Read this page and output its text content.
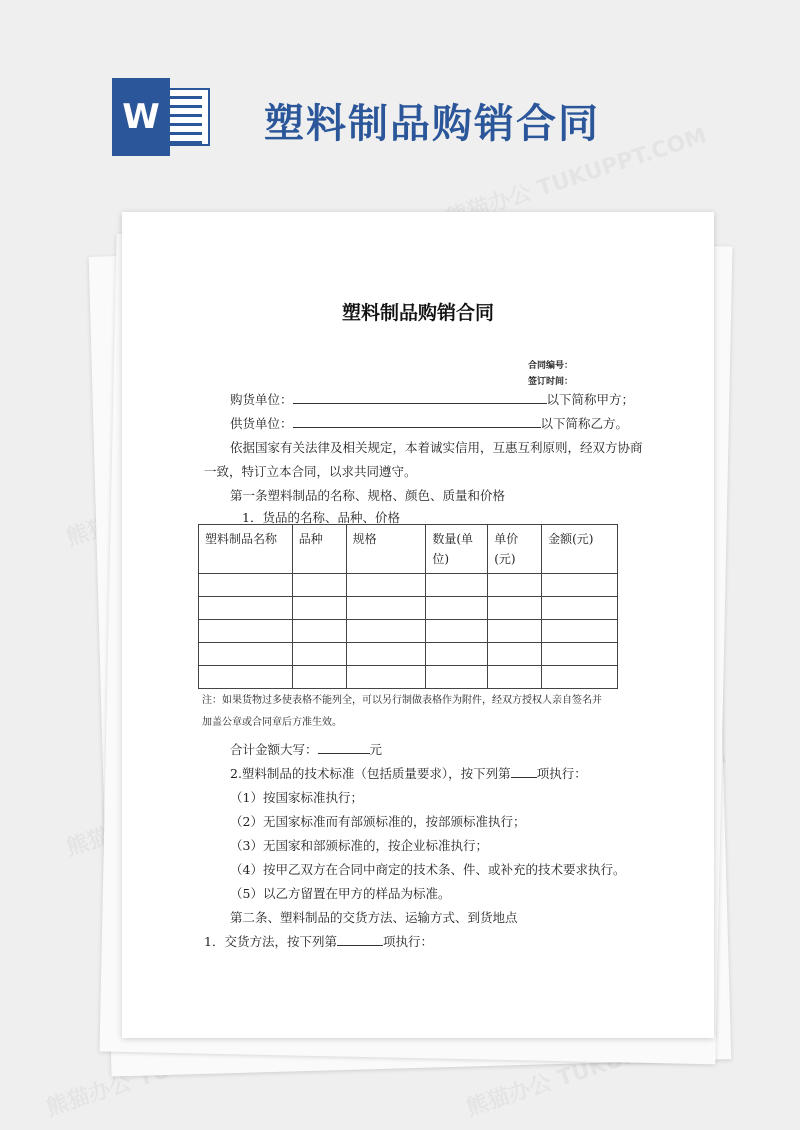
W	塑料制品购销合同
塑料制品购销合同
合同编号：
签订时间：
购货单位：	以下简称甲方；
供货单位：	以下简称乙方。
依据国家有关法律及相关规定，本着诚实信用，互惠互利原则，经双方协商
一致，特订立本合同，以求共同遵守。
第一条塑料制品的名称、规格、颜色、质量和价格
1．货品的名称、品种、价格
塑料制品名称	品种	规格	数量(单位)	单价(元)	金额(元)

注：如果货物过多使表格不能列全，可以另行制做表格作为附件，经双方授权人亲自签名并
加盖公章或合同章后方准生效。
合计金额大写：	元
2.塑料制品的技术标准（包括质量要求），按下列第 项执行：
（1）按国家标准执行；
（2）无国家标准而有部颁标准的，按部颁标准执行；
（3）无国家和部颁标准的，按企业标准执行；
（4）按甲乙双方在合同中商定的技术条、件、或补充的技术要求执行。
（5）以乙方留置在甲方的样品为标准。
第二条、塑料制品的交货方法、运输方式、到货地点
1．交货方法，按下列第	项执行：
